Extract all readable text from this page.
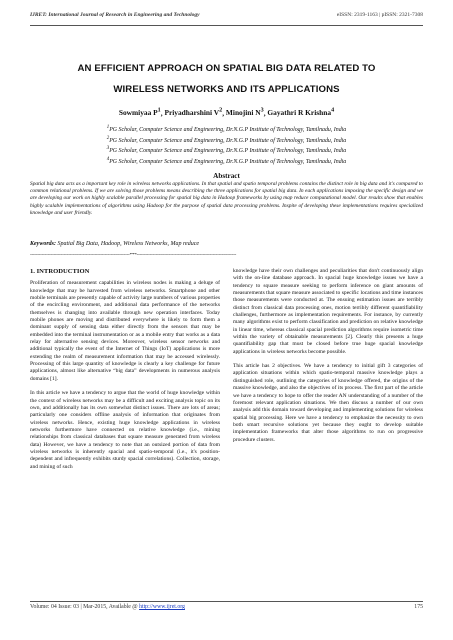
IJRET: International Journal of Research in Engineering and Technology	eISSN: 2319-1163 | pISSN: 2321-7308
AN EFFICIENT APPROACH ON SPATIAL BIG DATA RELATED TO
WIRELESS NETWORKS AND ITS APPLICATIONS
Sowmiyaa $P^1$, Priyadharshini $V^2$, Minojini $N^3$, Gayathri R Krishna$^4$
$^1$PG Scholar, Computer Science and Engineering, Dr.N.G.P Institute of Technology, Tamilnadu, India
$^2$PG Scholar, Computer Science and Engineering, Dr.N.G.P Institute of Technology, Tamilnadu, India
$^3$PG Scholar, Computer Science and Engineering, Dr.N.G.P Institute of Technology, Tamilnadu, India
$^4$PG Scholar, Computer Science and Engineering, Dr.N.G.P Institute of Technology, Tamilnadu, India
Abstract
Spatial big data acts as a important key role in wireless networks applications. In that spatial and spatio temporal problems contains the distinct role in big data and it's compared to common relational problems. If we are solving those problems means describing the three applications for spatial big data. In each applications imposing the specific design and we are developing our work on highly scalable parallel processing for spatial big data in Hadoop frameworks by using map reduce computational model. Our results show that enables highly scalable implementations of algorithms using Hadoop for the purpose of spatial data processing problems. Inspite of developing these implementations requires specialized knowledge and user friendly.
Keywords: Spatial Big Data, Hadoop, Wireless Networks, Map reduce
--------------------------------------------------------------------***--------------------------------------------------------------------
1. INTRODUCTION

Proliferation of measurement capabilities in wireless nodes is making a deluge of knowledge that may be harvested from wireless networks. Smartphone and other mobile terminals are presently capable of activity large numbers of various properties of the encircling environment, and additional data performance of the networks themselves is changing into available through new operation interfaces. Today mobile phones are moving and distributed everywhere is likely to form them a dominant supply of sensing data either directly from the sensors that may be embedded into the terminal instrumentation or as a mobile entry that works as a data relay for alternative sensing devices. Moreover, wireless sensor networks and additional typically the event of the Internet of Things (IoT) applications is more extending the realm of measurement information that may be accessed wirelessly. Processing of this large quantity of knowledge is clearly a key challenge for future applications, almost like alternative “big data” developments in numerous analysis domains [1].

In this article we have a tendency to argue that the world of huge knowledge within the context of wireless networks may be a difficult and exciting analysis topic on its own, and additionally has its own somewhat distinct issues. There are lots of areas; particularly one considers offline analysis of information that originates from wireless networks. Hence, existing huge knowledge applications in wireless networks furthermore have connected on relative knowledge (i.e., mining relationships from classical databases that square measure generated from wireless data) However, we have a tendency to note that an outsized portion of data from wireless networks is inherently spacial and spatio-temporal (i.e., it's position-dependent and infrequently exhibits sturdy spacial correlations). Collection, storage, and mining of such

knowledge have their own challenges and peculiarities that don't continuously align with the on-line database approach. In spacial huge knowledge issues we have a tendency to square measure seeking to perform inference on giant amounts of measurements that square measure associated to specific locations and time instances those measurements were conducted at. The ensuing estimation issues are terribly distinct from classical data processing ones, motion terribly different quantifiability challenges, furthermore as implementation requirements. For instance, by currently many algorithms exist to perform classification and prediction on relative knowledge in linear time, whereas classical spacial prediction algorithms require isometric time within the variety of obtainable measurements [2]. Clearly this presents a huge quantifiability gap that must be closed before true huge spacial knowledge applications in wireless networks become possible.

This article has 2 objectives. We have a tendency to initial gift 3 categories of application situations within which spatio-temporal massive knowledge plays a distinguished role, outlining the categories of knowledge offered, the origins of the massive knowledge, and also the objectives of its process. The first part of the article we have a tendency to hope to offer the reader AN understanding of a number of the foremost relevant application situations. We then discuss a number of our own analysis add this domain toward developing and implementing solutions for wireless spatial big processing. Here we have a tendency to emphasize the necessity to own both smart recursive solutions yet because they ought to develop suitable implementation frameworks that alter those algorithms to run on progressive procedure clusters.

Volume: 04 Issue: 03 | Mar-2015, Available @ http://www.ijret.org	175
